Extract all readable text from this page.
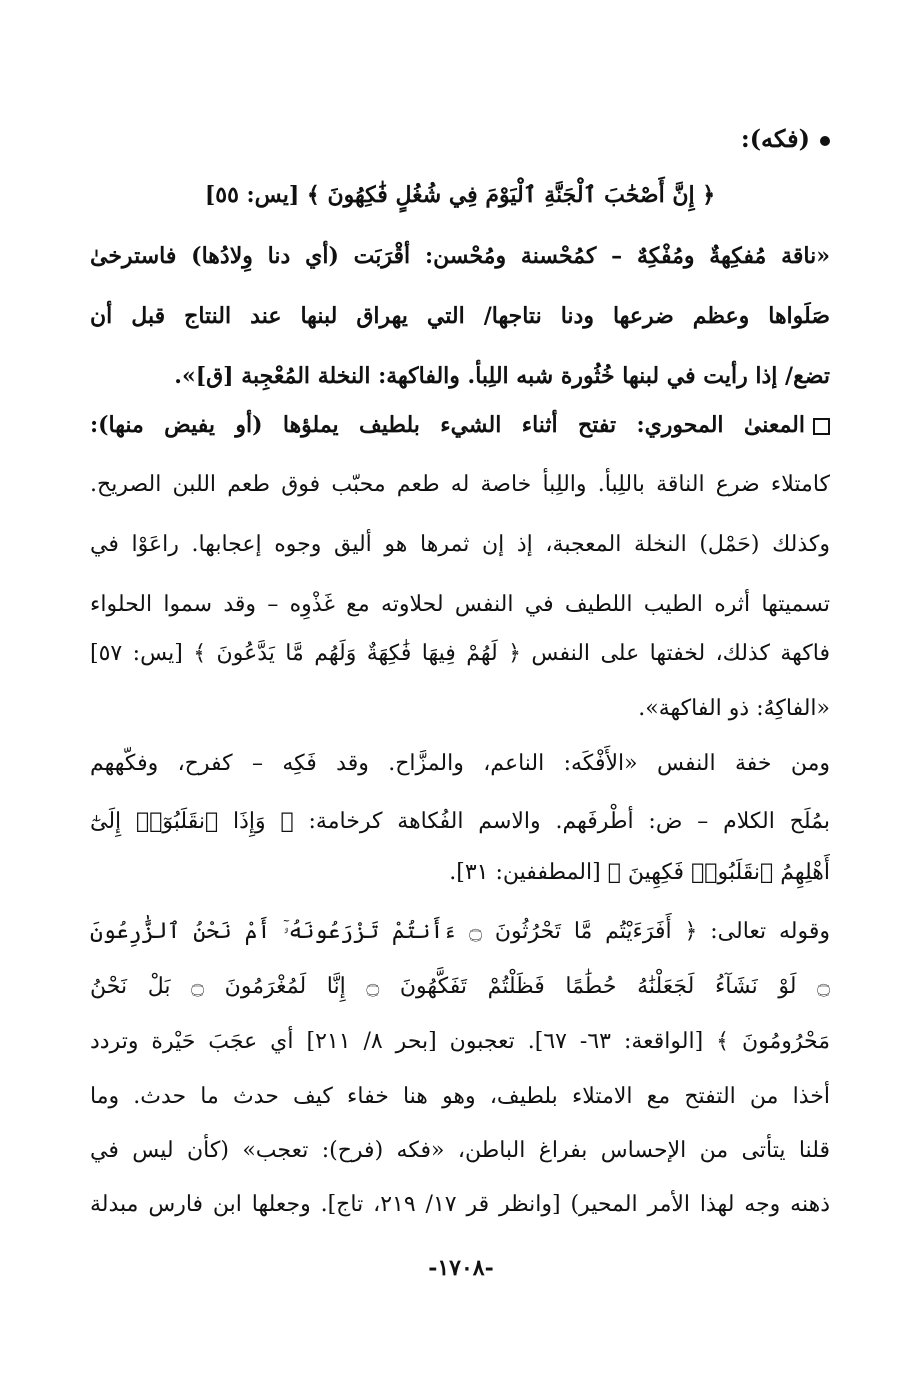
(فكه):
﴿ إِنَّ أَصْحَٰبَ ٱلْجَنَّةِ ٱلْيَوْمَ فِي شُغُلٍ فَٰكِهُونَ ﴾ [يس: ٥٥]
«ناقة مُفكِهةٌ ومُفْكِهٌ – كمُحْسنة ومُحْسن: أقْرَبَت (أي دنا وِلادُها) فاسترخىٰ
صَلَواها وعظم ضرعها ودنا نتاجها/ التي يهراق لبنها عند النتاج قبل أن
تضع/ إذا رأيت في لبنها خُثُورة شبه اللِبأ. والفاكهة: النخلة المُعْجِبة [ق]».
المعنىٰ المحوري: تفتح أثناء الشيء بلطيف يملؤها (أو يفيض منها):
كامتلاء ضرع الناقة باللِبأ. واللِبأ خاصة له طعم محبّب فوق طعم اللبن الصريح.
وكذلك (حَمْل) النخلة المعجبة، إذ إن ثمرها هو أليق وجوه إعجابها. راعَوْا في
تسميتها أثره الطيب اللطيف في النفس لحلاوته مع غَذْوِه – وقد سموا الحلواء
فاكهة كذلك، لخفتها على النفس ﴿ لَهُمْ فِيهَا فَٰكِهَةٌ وَلَهُم مَّا يَدَّعُونَ ﴾ [يس: ٥٧]
«الفاكِهُ: ذو الفاكهة».
ومن خفة النفس «الأَفْكَه: الناعم، والمزَّاح. وقد فَكِه – كفرح، وفكّههم
بمُلَح الكلام – ض: أطْرفَهم. والاسم الفُكاهة كرخامة: ﴿ وَإِذَا ٱنقَلَبُوٓا۟ إِلَىٰٓ
أَهْلِهِمُ ٱنقَلَبُوا۟ فَكِهِينَ ﴾ [المطففين: ٣١].
وقوله تعالى: ﴿ أَفَرَءَيْتُم مَّا تَحْرُثُونَ ۝ ءَأَنتُمْ تَزْرَعُونَهُۥٓ أَمْ نَحْنُ ٱلزَّٰرِعُونَ
۝ لَوْ نَشَآءُ لَجَعَلْنَٰهُ حُطَٰمًا فَظَلْتُمْ تَفَكَّهُونَ ۝ إِنَّا لَمُغْرَمُونَ ۝ بَلْ نَحْنُ
مَحْرُومُونَ ﴾ [الواقعة: ٦٣- ٦٧]. تعجبون [بحر ٨/ ٢١١] أي عجَبَ حَيْرة وتردد
أخذا من التفتح مع الامتلاء بلطيف، وهو هنا خفاء كيف حدث ما حدث. وما
قلنا يتأتى من الإحساس بفراغ الباطن، «فكه (فرح): تعجب» (كأن ليس في
ذهنه وجه لهذا الأمر المحير) [وانظر قر ١٧/ ٢١٩، تاج]. وجعلها ابن فارس مبدلة
-١٧٠٨-
